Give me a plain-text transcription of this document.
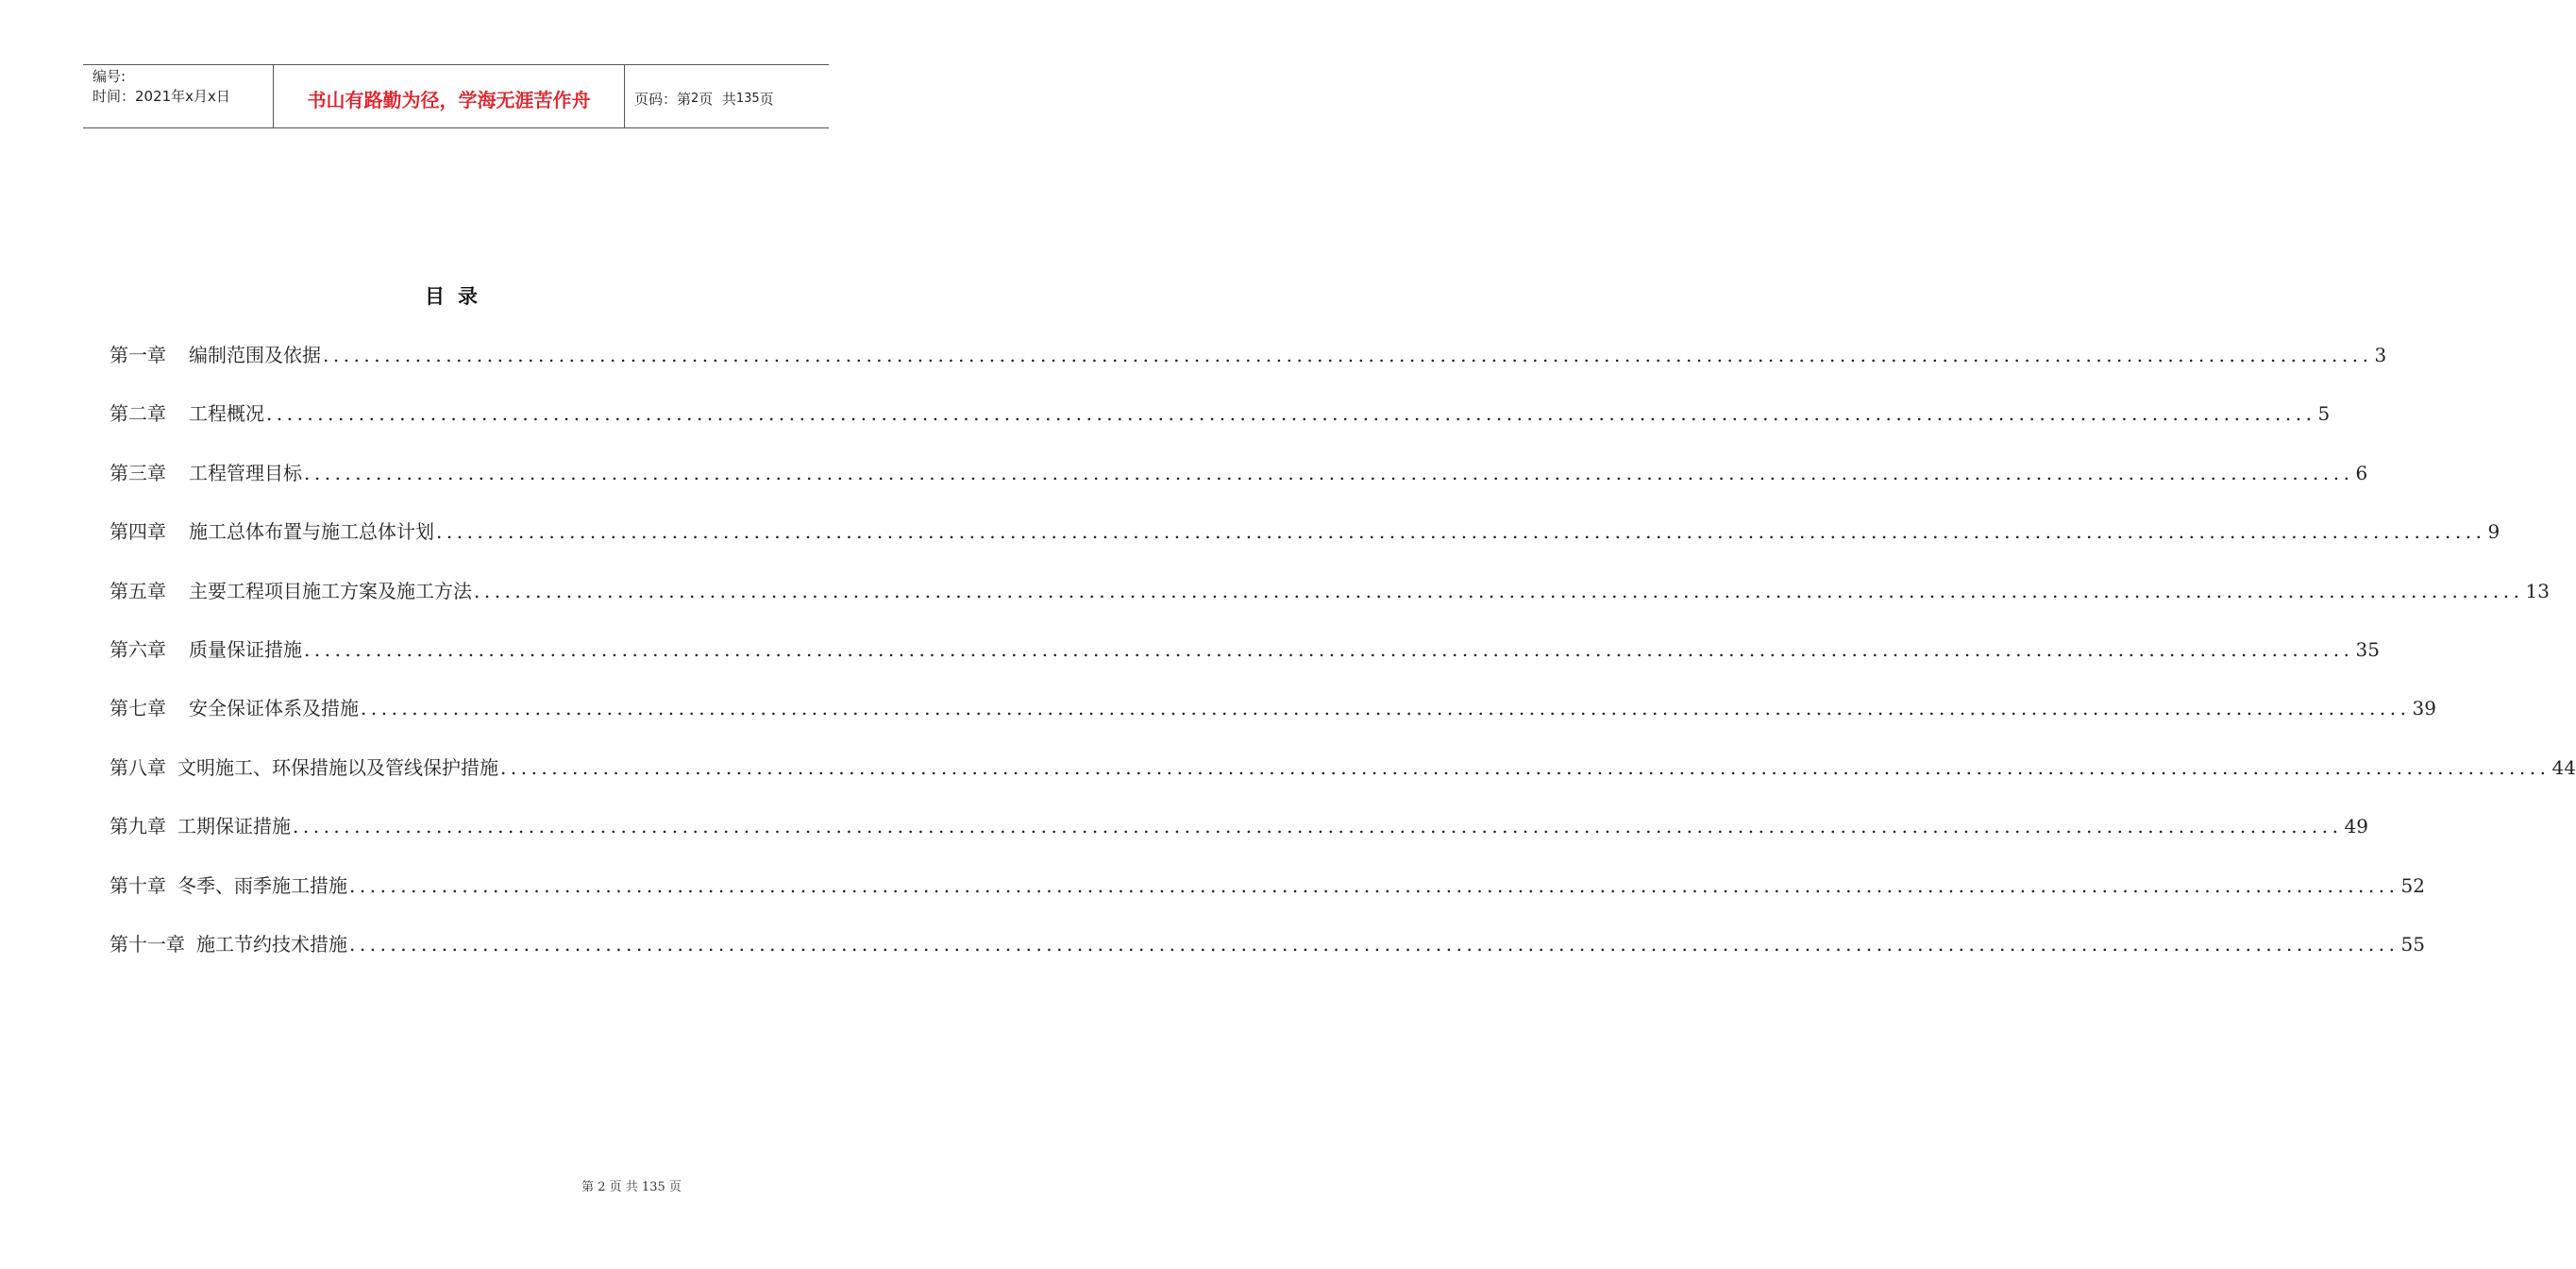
编号:
时间：2021年x月x日	书山有路勤为径，学海无涯苦作舟	页码：第 2 页  共 135 页
目录
第一章 编制范围及依据 ........................................................................................................................................................................................................ 3
第二章 工程概况 ........................................................................................................................................................................................................ 5
第三章 工程管理目标 ........................................................................................................................................................................................................ 6
第四章 施工总体布置与施工总体计划 ........................................................................................................................................................................................................ 9
第五章 主要工程项目施工方案及施工方法 ........................................................................................................................................................................................................ 13
第六章 质量保证措施 ........................................................................................................................................................................................................ 35
第七章 安全保证体系及措施 ........................................................................................................................................................................................................ 39
第八章 文明施工、环保措施以及管线保护措施 ........................................................................................................................................................................................................ 44
第九章 工期保证措施 ........................................................................................................................................................................................................ 49
第十章 冬季、雨季施工措施 ........................................................................................................................................................................................................ 52
第十一章 施工节约技术措施 ........................................................................................................................................................................................................ 55
第 2 页 共 135 页
